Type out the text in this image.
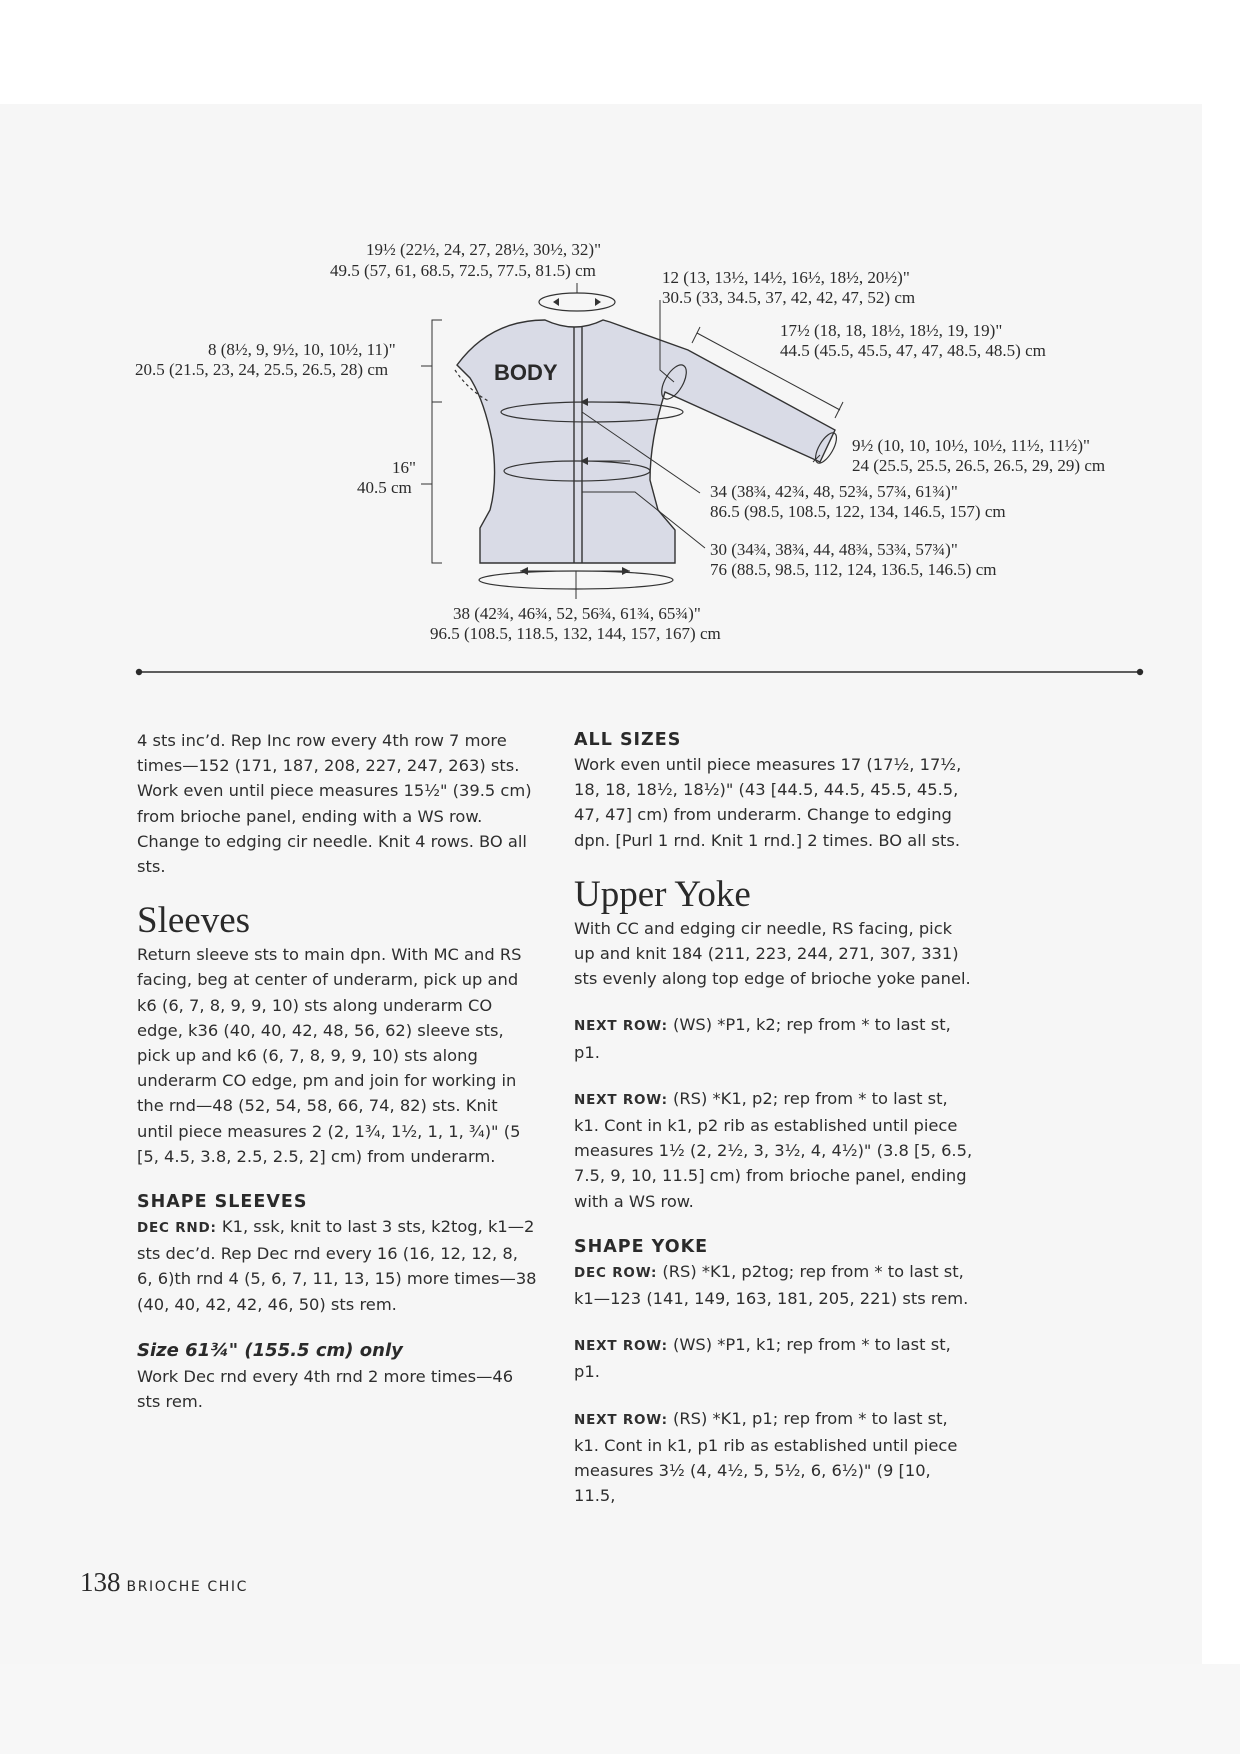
BODY
19½ (22½, 24, 27, 28½, 30½, 32)"
49.5 (57, 61, 68.5, 72.5, 77.5, 81.5) cm	12 (13, 13½, 14½, 16½, 18½, 20½)"
30.5 (33, 34.5, 37, 42, 42, 47, 52) cm
17½ (18, 18, 18½, 18½, 19, 19)"
44.5 (45.5, 45.5, 47, 47, 48.5, 48.5) cm
8 (8½, 9, 9½, 10, 10½, 11)"
20.5 (21.5, 23, 24, 25.5, 26.5, 28) cm
9½ (10, 10, 10½, 10½, 11½, 11½)"
24 (25.5, 25.5, 26.5, 26.5, 29, 29) cm
16"
40.5 cm	34 (38¾, 42¾, 48, 52¾, 57¾, 61¾)"
86.5 (98.5, 108.5, 122, 134, 146.5, 157) cm
30 (34¾, 38¾, 44, 48¾, 53¾, 57¾)"
76 (88.5, 98.5, 112, 124, 136.5, 146.5) cm
38 (42¾, 46¾, 52, 56¾, 61¾, 65¾)"
96.5 (108.5, 118.5, 132, 144, 157, 167) cm

4 sts inc’d. Rep Inc row every 4th row 7 more times—152 (171, 187, 208, 227, 247, 263) sts. Work even until piece measures 15½" (39.5 cm) from brioche panel, ending with a WS row. Change to edging cir needle. Knit 4 rows. BO all sts.

Sleeves

Return sleeve sts to main dpn. With MC and RS facing, beg at center of underarm, pick up and k6 (6, 7, 8, 9, 9, 10) sts along underarm CO edge, k36 (40, 40, 42, 48, 56, 62) sleeve sts, pick up and k6 (6, 7, 8, 9, 9, 10) sts along underarm CO edge, pm and join for working in the rnd—48 (52, 54, 58, 66, 74, 82) sts. Knit until piece measures 2 (2, 1¾, 1½, 1, 1, ¾)" (5 [5, 4.5, 3.8, 2.5, 2.5, 2] cm) from underarm.

SHAPE SLEEVES

DEC RND: K1, ssk, knit to last 3 sts, k2tog, k1—2 sts dec’d. Rep Dec rnd every 16 (16, 12, 12, 8, 6, 6)th rnd 4 (5, 6, 7, 11, 13, 15) more times—38 (40, 40, 42, 42, 46, 50) sts rem.

Size 61¾" (155.5 cm) only

Work Dec rnd every 4th rnd 2 more times—46 sts rem.

ALL SIZES

Work even until piece measures 17 (17½, 17½, 18, 18, 18½, 18½)" (43 [44.5, 44.5, 45.5, 45.5, 47, 47] cm) from underarm. Change to edging dpn. [Purl 1 rnd. Knit 1 rnd.] 2 times. BO all sts.

Upper Yoke

With CC and edging cir needle, RS facing, pick up and knit 184 (211, 223, 244, 271, 307, 331) sts evenly along top edge of brioche yoke panel.

NEXT ROW: (WS) *P1, k2; rep from * to last st, p1.

NEXT ROW: (RS) *K1, p2; rep from * to last st, k1. Cont in k1, p2 rib as established until piece measures 1½ (2, 2½, 3, 3½, 4, 4½)" (3.8 [5, 6.5, 7.5, 9, 10, 11.5] cm) from brioche panel, ending with a WS row.

SHAPE YOKE

DEC ROW: (RS) *K1, p2tog; rep from * to last st, k1—123 (141, 149, 163, 181, 205, 221) sts rem.

NEXT ROW: (WS) *P1, k1; rep from * to last st, p1.

NEXT ROW: (RS) *K1, p1; rep from * to last st, k1. Cont in k1, p1 rib as established until piece measures 3½ (4, 4½, 5, 5½, 6, 6½)" (9 [10, 11.5,

138 BRIOCHE CHIC
